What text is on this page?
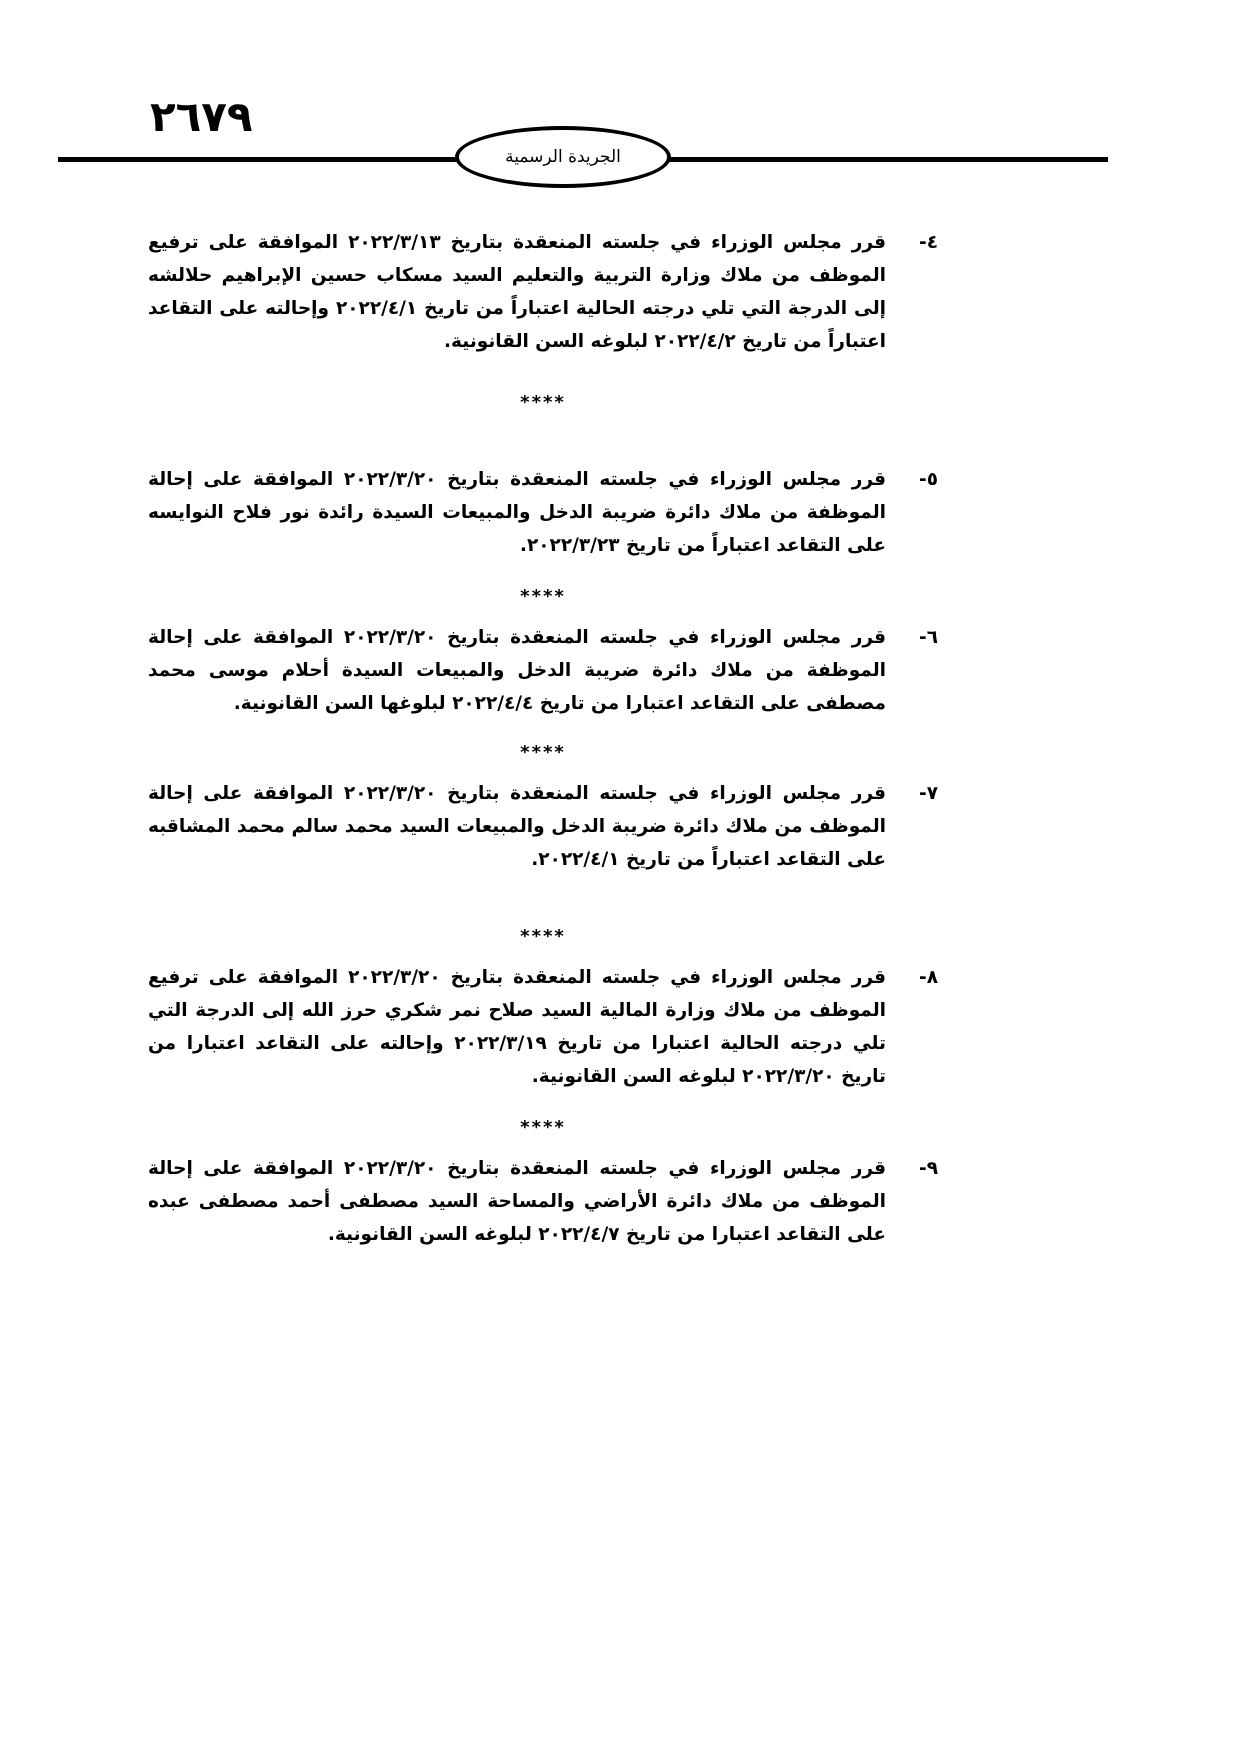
٢٦٧٩
الجريدة الرسمية
٤-
قرر مجلس الوزراء في جلسته المنعقدة بتاريخ ٢٠٢٢/٣/١٣ الموافقة على ترفيع الموظف من ملاك وزارة التربية والتعليم السيد مسكاب حسين الإبراهيم حلالشه إلى الدرجة التي تلي درجته الحالية اعتباراً من تاريخ ٢٠٢٢/٤/١ وإحالته على التقاعد اعتباراً من تاريخ ٢٠٢٢/٤/٢ لبلوغه السن القانونية.
****
٥-
قرر مجلس الوزراء في جلسته المنعقدة بتاريخ ٢٠٢٢/٣/٢٠ الموافقة على إحالة الموظفة من ملاك دائرة ضريبة الدخل والمبيعات السيدة رائدة نور فلاح النوايسه على التقاعد اعتباراً من تاريخ ٢٠٢٢/٣/٢٣.
****
٦-
قرر مجلس الوزراء في جلسته المنعقدة بتاريخ ٢٠٢٢/٣/٢٠ الموافقة على إحالة الموظفة من ملاك دائرة ضريبة الدخل والمبيعات السيدة أحلام موسى محمد مصطفى على التقاعد اعتبارا من تاريخ ٢٠٢٢/٤/٤ لبلوغها السن القانونية.
****
٧-
قرر مجلس الوزراء في جلسته المنعقدة بتاريخ ٢٠٢٢/٣/٢٠ الموافقة على إحالة الموظف من ملاك دائرة ضريبة الدخل والمبيعات السيد محمد سالم محمد المشاقبه على التقاعد اعتباراً من تاريخ ٢٠٢٢/٤/١.
****
٨-
قرر مجلس الوزراء في جلسته المنعقدة بتاريخ ٢٠٢٢/٣/٢٠ الموافقة على ترفيع الموظف من ملاك وزارة المالية السيد صلاح نمر شكري حرز الله إلى الدرجة التي تلي درجته الحالية اعتبارا من تاريخ ٢٠٢٢/٣/١٩ وإحالته على التقاعد اعتبارا من تاريخ ٢٠٢٢/٣/٢٠ لبلوغه السن القانونية.
****
٩-
قرر مجلس الوزراء في جلسته المنعقدة بتاريخ ٢٠٢٢/٣/٢٠ الموافقة على إحالة الموظف من ملاك دائرة الأراضي والمساحة السيد مصطفى أحمد مصطفى عبده على التقاعد اعتبارا من تاريخ ٢٠٢٢/٤/٧ لبلوغه السن القانونية.
